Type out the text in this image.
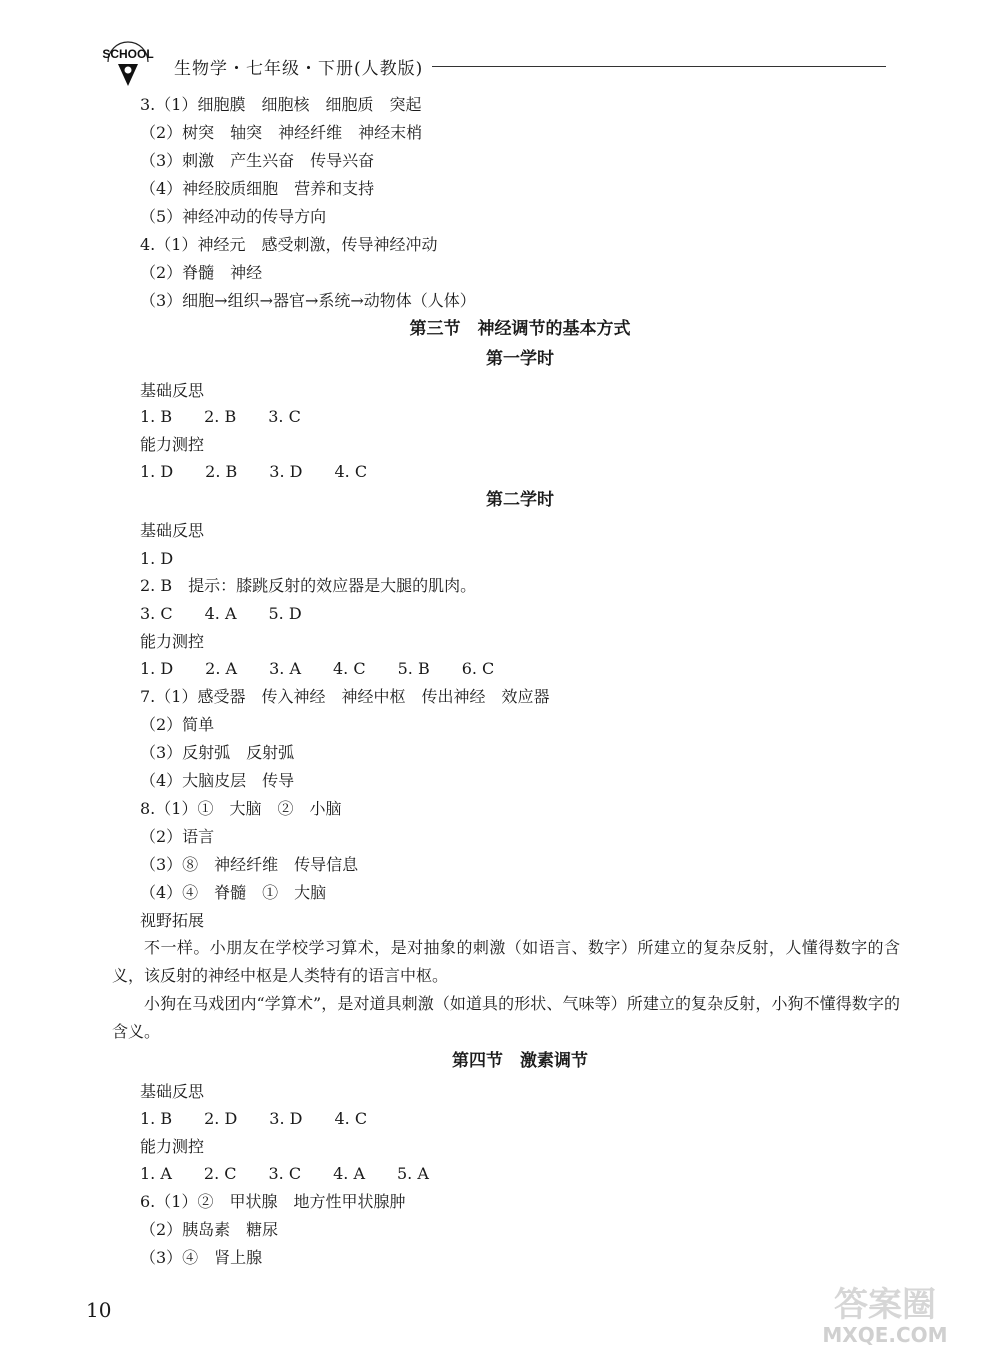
SCHOOL
生物学・七年级・下册(人教版)
3.（1）细胞膜　细胞核　细胞质　突起
（2）树突　轴突　神经纤维　神经末梢
（3）刺激　产生兴奋　传导兴奋
（4）神经胶质细胞　营养和支持
（5）神经冲动的传导方向
4.（1）神经元　感受刺激，传导神经冲动
（2）脊髓　神经
（3）细胞→组织→器官→系统→动物体（人体）
第三节　神经调节的基本方式
第一学时
基础反思
1. B　　2. B　　3. C
能力测控
1. D　　2. B　　3. D　　4. C
第二学时
基础反思
1. D
2. B　提示：膝跳反射的效应器是大腿的肌肉。
3. C　　4. A　　5. D
能力测控
1. D　　2. A　　3. A　　4. C　　5. B　　6. C
7.（1）感受器　传入神经　神经中枢　传出神经　效应器
（2）简单
（3）反射弧　反射弧
（4）大脑皮层　传导
8.（1）①　大脑　②　小脑
（2）语言
（3）⑧　神经纤维　传导信息
（4）④　脊髓　①　大脑
视野拓展
不一样。小朋友在学校学习算术，是对抽象的刺激（如语言、数字）所建立的复杂反射，人懂得数字的含义，该反射的神经中枢是人类特有的语言中枢。
小狗在马戏团内“学算术”，是对道具刺激（如道具的形状、气味等）所建立的复杂反射，小狗不懂得数字的含义。
第四节　激素调节
基础反思
1. B　　2. D　　3. D　　4. C
能力测控
1. A　　2. C　　3. C　　4. A　　5. A
6.（1）②　甲状腺　地方性甲状腺肿
（2）胰岛素　糖尿
（3）④　肾上腺
10	答案圈
MXQE.COM
